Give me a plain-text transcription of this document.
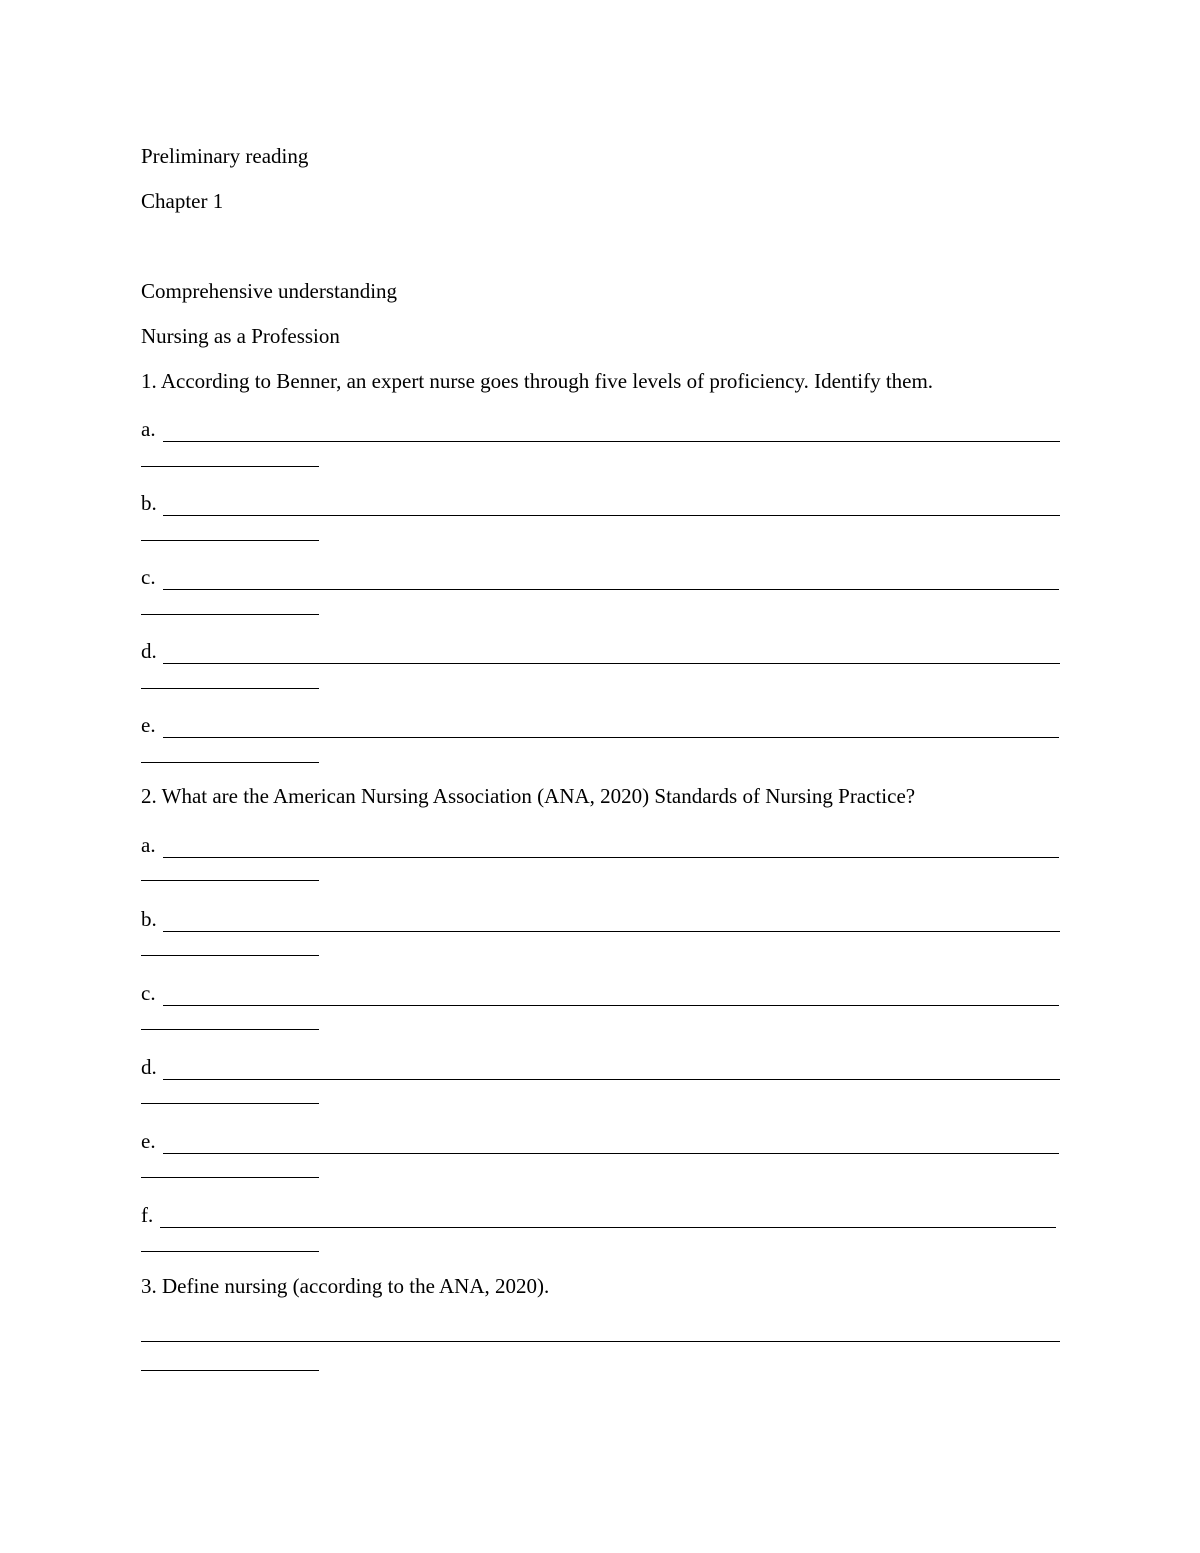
Preliminary reading
Chapter 1
Comprehensive understanding
Nursing as a Profession
1. According to Benner, an expert nurse goes through five levels of proficiency. Identify them.
a.
b.
c.
d.
e.
2. What are the American Nursing Association (ANA, 2020) Standards of Nursing Practice?
a.
b.
c.
d.
e.
f.
3. Define nursing (according to the ANA, 2020).
